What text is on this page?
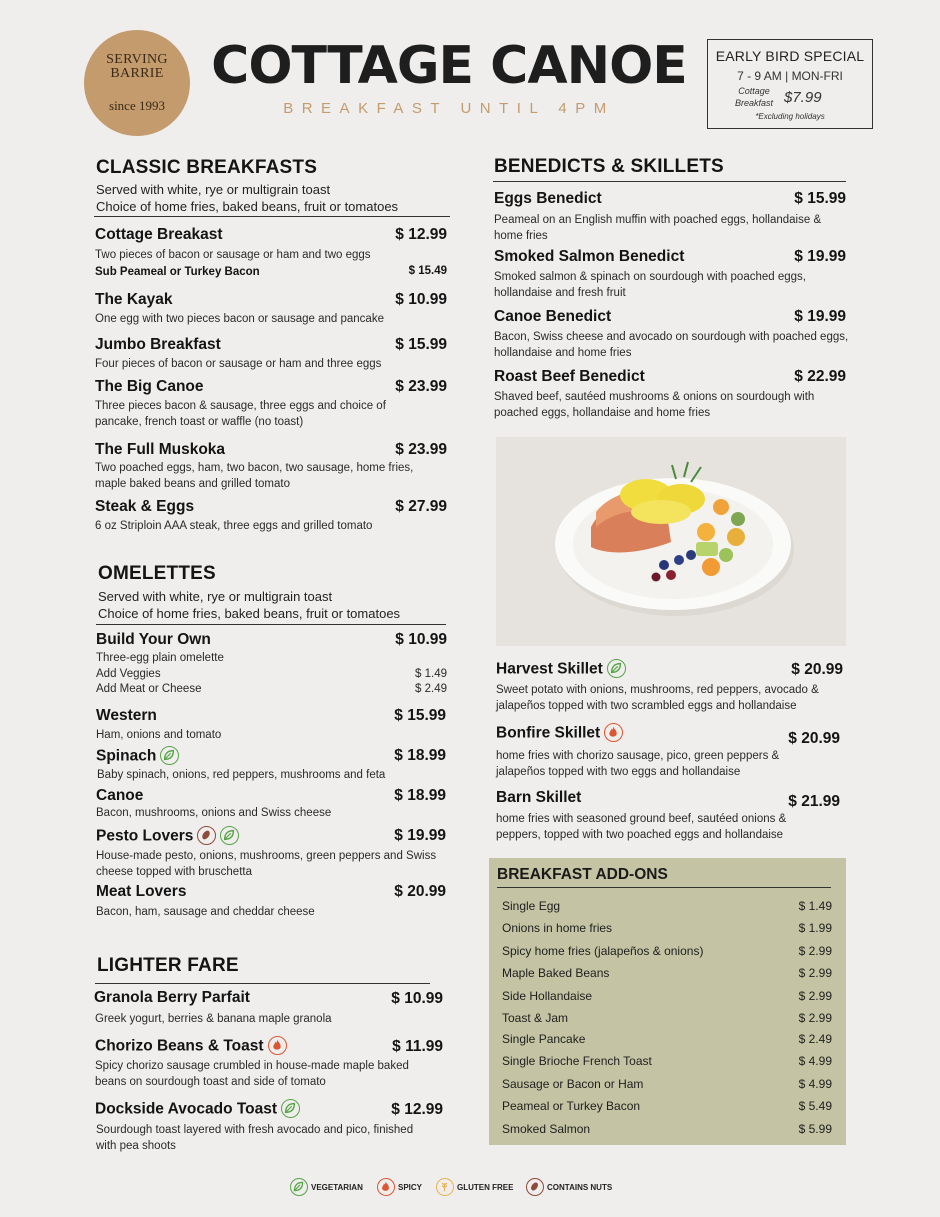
SERVING
BARRIE
since 1993
COTTAGE CANOE
BREAKFAST UNTIL 4PM
EARLY BIRD SPECIAL
7 - 9 AM | MON-FRI
Cottage Breakfast $7.99
*Excluding holidays
CLASSIC BREAKFASTS
Served with white, rye or multigrain toast
Choice of home fries, baked beans, fruit or tomatoes
Cottage Breakast	$ 12.99
Two pieces of bacon or sausage or ham and two eggs
Sub Peameal or Turkey Bacon	$ 15.49
The Kayak	$ 10.99
One egg with two pieces bacon or sausage and pancake
Jumbo Breakfast	$ 15.99
Four pieces of bacon or sausage or ham and three eggs
The Big Canoe	$ 23.99
Three pieces bacon & sausage, three eggs and choice of pancake, french toast or waffle (no toast)
The Full Muskoka	$ 23.99
Two poached eggs, ham, two bacon, two sausage, home fries, maple baked beans and grilled tomato
Steak & Eggs	$ 27.99
6 oz Striploin AAA steak, three eggs and grilled tomato
OMELETTES
Served with white, rye or multigrain toast
Choice of home fries, baked beans, fruit or tomatoes
Build Your Own	$ 10.99
Three-egg plain omelette
Add Veggies	$ 1.49
Add Meat or Cheese	$ 2.49
Western	$ 15.99
Ham, onions and tomato
Spinach	$ 18.99
Baby spinach, onions, red peppers, mushrooms and feta
Canoe	$ 18.99
Bacon, mushrooms, onions and Swiss cheese
Pesto Lovers	$ 19.99
House-made pesto, onions, mushrooms, green peppers and Swiss cheese topped with bruschetta
Meat Lovers	$ 20.99
Bacon, ham, sausage and cheddar cheese
LIGHTER FARE
Granola Berry Parfait	$ 10.99
Greek yogurt, berries & banana maple granola
Chorizo Beans & Toast	$ 11.99
Spicy chorizo sausage crumbled in house-made maple baked beans on sourdough toast and side of tomato
Dockside Avocado Toast	$ 12.99
Sourdough toast layered with fresh avocado and pico, finished with pea shoots
BENEDICTS & SKILLETS
Eggs Benedict	$ 15.99
Peameal on an English muffin with poached eggs, hollandaise & home fries
Smoked Salmon Benedict	$ 19.99
Smoked salmon & spinach on sourdough with poached eggs, hollandaise and fresh fruit
Canoe Benedict	$ 19.99
Bacon, Swiss cheese and avocado on sourdough with poached eggs, hollandaise and home fries
Roast Beef Benedict	$ 22.99
Shaved beef, sautéed mushrooms & onions on sourdough with poached eggs, hollandaise and home fries
Harvest Skillet	$ 20.99
Sweet potato with onions, mushrooms, red peppers, avocado & jalapeños topped with two scrambled eggs and hollandaise
Bonfire Skillet	$ 20.99
home fries with chorizo sausage, pico, green peppers & jalapeños topped with two eggs and hollandaise
Barn Skillet	$ 21.99
home fries with seasoned ground beef, sautéed onions & peppers, topped with two poached eggs and hollandaise
BREAKFAST ADD-ONS
Single Egg	$ 1.49
Onions in home fries	$ 1.99
Spicy home fries (jalapeños & onions)	$ 2.99
Maple Baked Beans	$ 2.99
Side Hollandaise	$ 2.99
Toast & Jam	$ 2.99
Single Pancake	$ 2.49
Single Brioche French Toast	$ 4.99
Sausage or Bacon or Ham	$ 4.99
Peameal or Turkey Bacon	$ 5.49
Smoked Salmon	$ 5.99
VEGETARIAN	SPICY	GLUTEN FREE	CONTAINS NUTS
